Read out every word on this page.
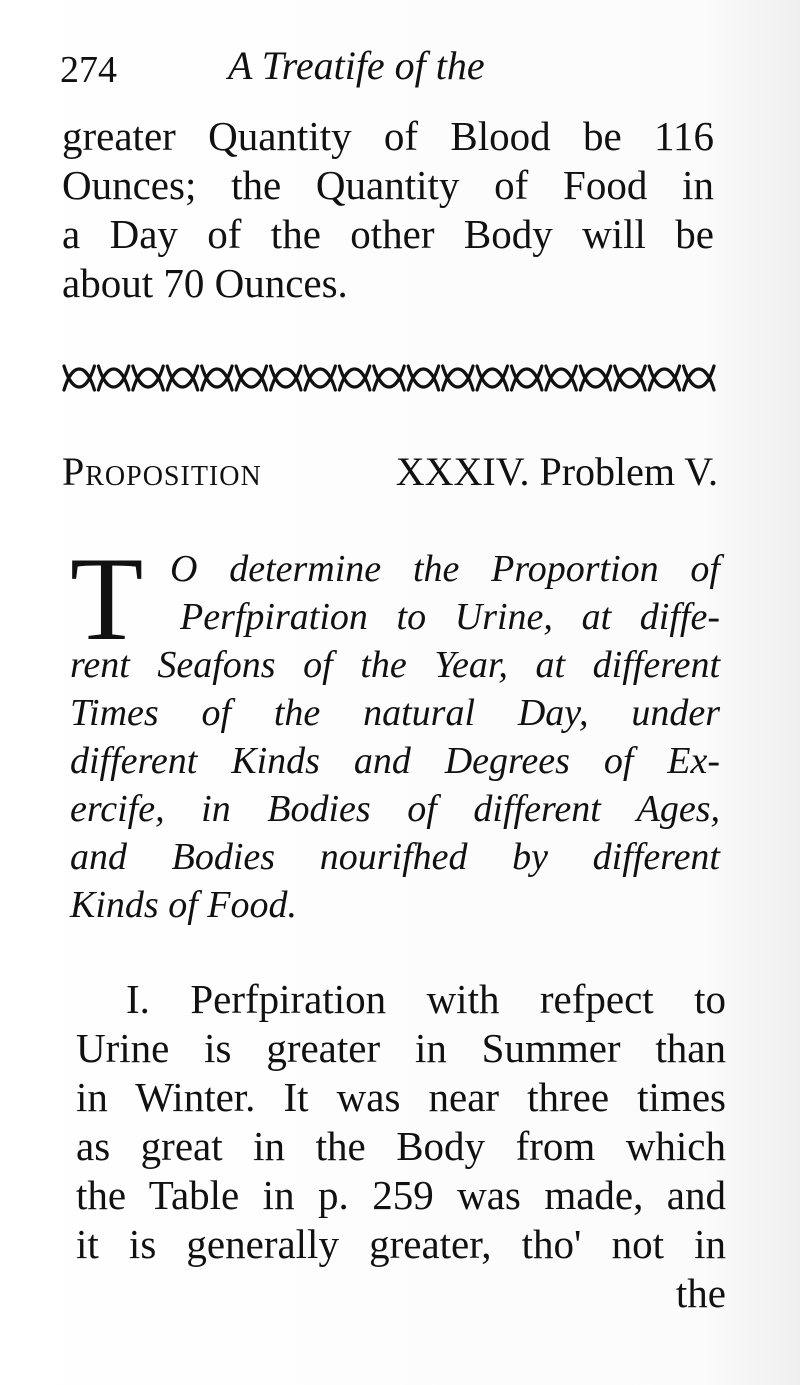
274	A Treatife of the
greater Quantity of Blood be 116
Ounces; the Quantity of Food in
a Day of the other Body will be
about 70 Ounces.
Proposition	XXXIV. Problem V.
T O determine the Proportion of
Perfpiration to Urine, at diffe-
rent Seafons of the Year, at different
Times of the natural Day, under
different Kinds and Degrees of Ex-
ercife, in Bodies of different Ages,
and Bodies nourifhed by different
Kinds of Food.
I. Perfpiration with refpect to
Urine is greater in Summer than
in Winter. It was near three times
as great in the Body from which
the Table in p. 259 was made, and
it is generally greater, tho' not in
the
